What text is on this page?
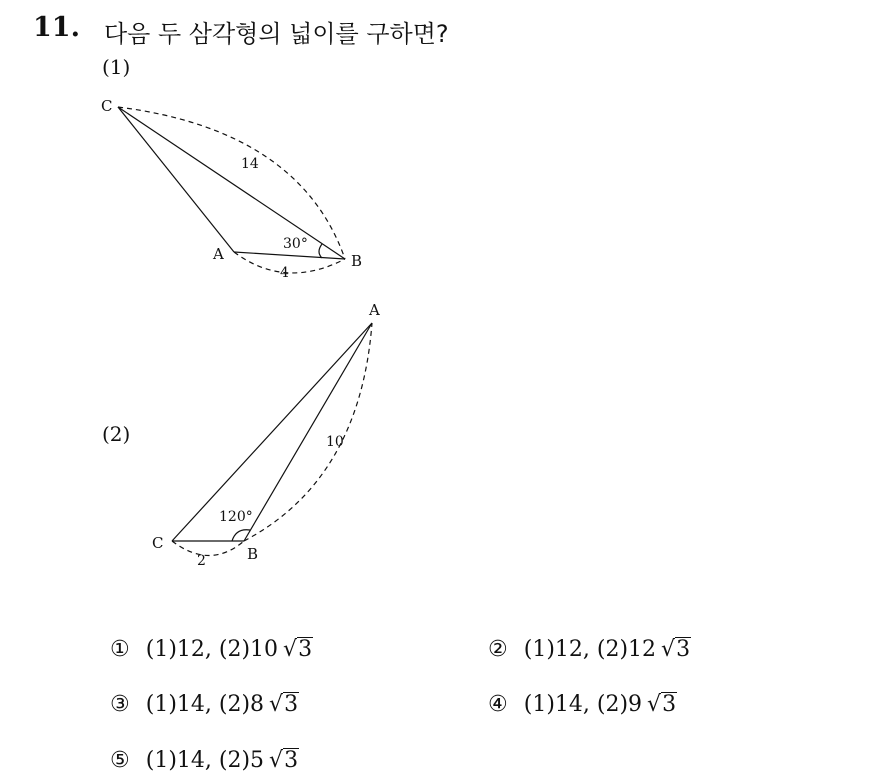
11. 다음 두 삼각형의 넓이를 구하면?
(1)
(2)
C
A	B
14
4
30°
A
B
C
10
2
120°
① (1)12, (2)10 √ 3	② (1)12, (2)12 √ 3
③ (1)14, (2)8 √ 3	④ (1)14, (2)9 √ 3
⑤ (1)14, (2)5 √ 3
